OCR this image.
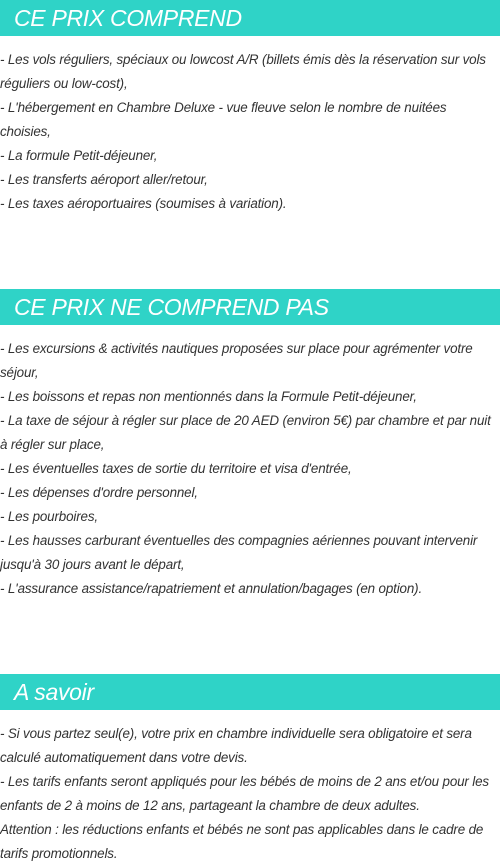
CE PRIX COMPREND
- Les vols réguliers, spéciaux ou lowcost A/R (billets émis dès la réservation sur vols réguliers ou low-cost),
- L'hébergement en Chambre Deluxe - vue fleuve selon le nombre de nuitées choisies,
- La formule Petit-déjeuner,
- Les transferts aéroport aller/retour,
- Les taxes aéroportuaires (soumises à variation).
CE PRIX NE COMPREND PAS
- Les excursions & activités nautiques proposées sur place pour agrémenter votre séjour,
- Les boissons et repas non mentionnés dans la Formule Petit-déjeuner,
- La taxe de séjour à régler sur place de 20 AED (environ 5€) par chambre et par nuit à régler sur place,
- Les éventuelles taxes de sortie du territoire et visa d'entrée,
- Les dépenses d'ordre personnel,
- Les pourboires,
- Les hausses carburant éventuelles des compagnies aériennes pouvant intervenir jusqu'à 30 jours avant le départ,
- L'assurance assistance/rapatriement et annulation/bagages (en option).
A savoir
- Si vous partez seul(e), votre prix en chambre individuelle sera obligatoire et sera calculé automatiquement dans votre devis.
- Les tarifs enfants seront appliqués pour les bébés de moins de 2 ans et/ou pour les enfants de 2 à moins de 12 ans, partageant la chambre de deux adultes.
Attention : les réductions enfants et bébés ne sont pas applicables dans le cadre de tarifs promotionnels.
